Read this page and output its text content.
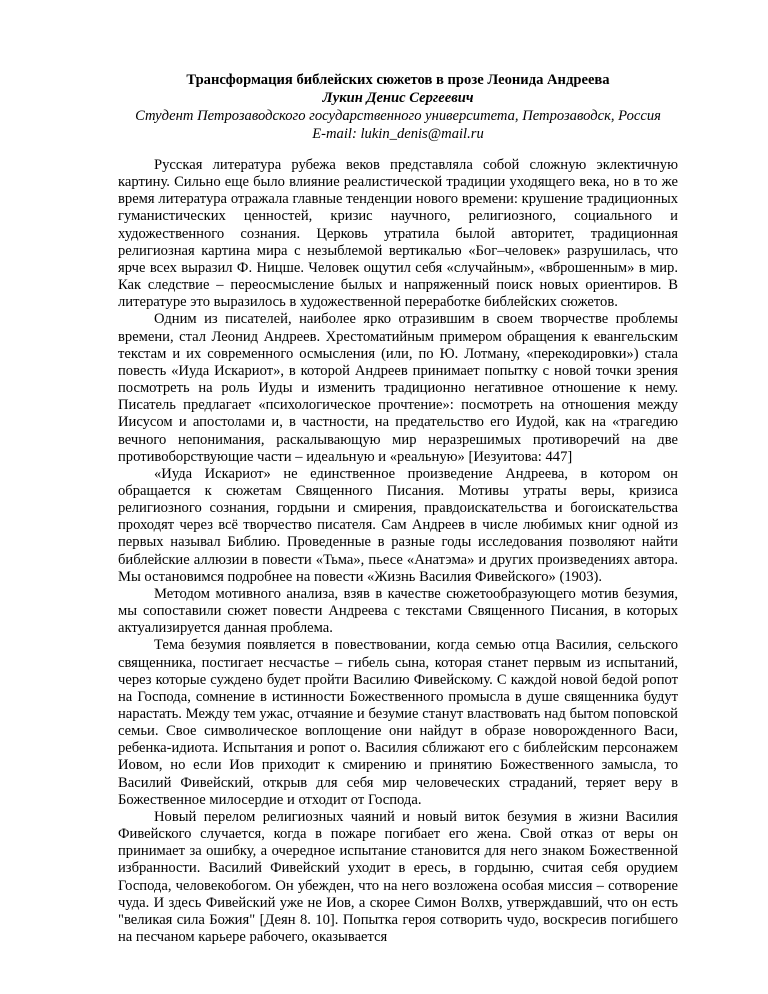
Трансформация библейских сюжетов в прозе Леонида Андреева
Лукин Денис Сергеевич
Студент Петрозаводского государственного университета, Петрозаводск, Россия
E-mail: lukin_denis@mail.ru

Русская литература рубежа веков представляла собой сложную эклектичную картину. Сильно еще было влияние реалистической традиции уходящего века, но в то же время литература отражала главные тенденции нового времени: крушение традиционных гуманистических ценностей, кризис научного, религиозного, социального и художественного сознания. Церковь утратила былой авторитет, традиционная религиозная картина мира с незыблемой вертикалью «Бог–человек» разрушилась, что ярче всех выразил Ф. Ницше. Человек ощутил себя «случайным», «вброшенным» в мир. Как следствие – переосмысление былых и напряженный поиск новых ориентиров. В литературе это выразилось в художественной переработке библейских сюжетов.

Одним из писателей, наиболее ярко отразившим в своем творчестве проблемы времени, стал Леонид Андреев. Хрестоматийным примером обращения к евангельским текстам и их современного осмысления (или, по Ю. Лотману, «перекодировки») стала повесть «Иуда Искариот», в которой Андреев принимает попытку с новой точки зрения посмотреть на роль Иуды и изменить традиционно негативное отношение к нему. Писатель предлагает «психологическое прочтение»: посмотреть на отношения между Иисусом и апостолами и, в частности, на предательство его Иудой, как на «трагедию вечного непонимания, раскалывающую мир неразрешимых противоречий на две противоборствующие части – идеальную и «реальную» [Иезуитова: 447]

«Иуда Искариот» не единственное произведение Андреева, в котором он обращается к сюжетам Священного Писания. Мотивы утраты веры, кризиса религиозного сознания, гордыни и смирения, правдоискательства и богоискательства проходят через всё творчество писателя. Сам Андреев в числе любимых книг одной из первых называл Библию. Проведенные в разные годы исследования позволяют найти библейские аллюзии в повести «Тьма», пьесе «Анатэма» и других произведениях автора. Мы остановимся подробнее на повести «Жизнь Василия Фивейского» (1903).

Методом мотивного анализа, взяв в качестве сюжетообразующего мотив безумия, мы сопоставили сюжет повести Андреева с текстами Священного Писания, в которых актуализируется данная проблема.

Тема безумия появляется в повествовании, когда семью отца Василия, сельского священника, постигает несчастье – гибель сына, которая станет первым из испытаний, через которые суждено будет пройти Василию Фивейскому. С каждой новой бедой ропот на Господа, сомнение в истинности Божественного промысла в душе священника будут нарастать. Между тем ужас, отчаяние и безумие станут властвовать над бытом поповской семьи. Свое символическое воплощение они найдут в образе новорожденного Васи, ребенка-идиота. Испытания и ропот о. Василия сближают его с библейским персонажем Иовом, но если Иов приходит к смирению и принятию Божественного замысла, то Василий Фивейский, открыв для себя мир человеческих страданий, теряет веру в Божественное милосердие и отходит от Господа.

Новый перелом религиозных чаяний и новый виток безумия в жизни Василия Фивейского случается, когда в пожаре погибает его жена. Свой отказ от веры он принимает за ошибку, а очередное испытание становится для него знаком Божественной избранности. Василий Фивейский уходит в ересь, в гордыню, считая себя орудием Господа, человекобогом. Он убежден, что на него возложена особая миссия – сотворение чуда. И здесь Фивейский уже не Иов, а скорее Симон Волхв, утверждавший, что он есть "великая сила Божия" [Деян 8. 10]. Попытка героя сотворить чудо, воскресив погибшего на песчаном карьере рабочего, оказывается
